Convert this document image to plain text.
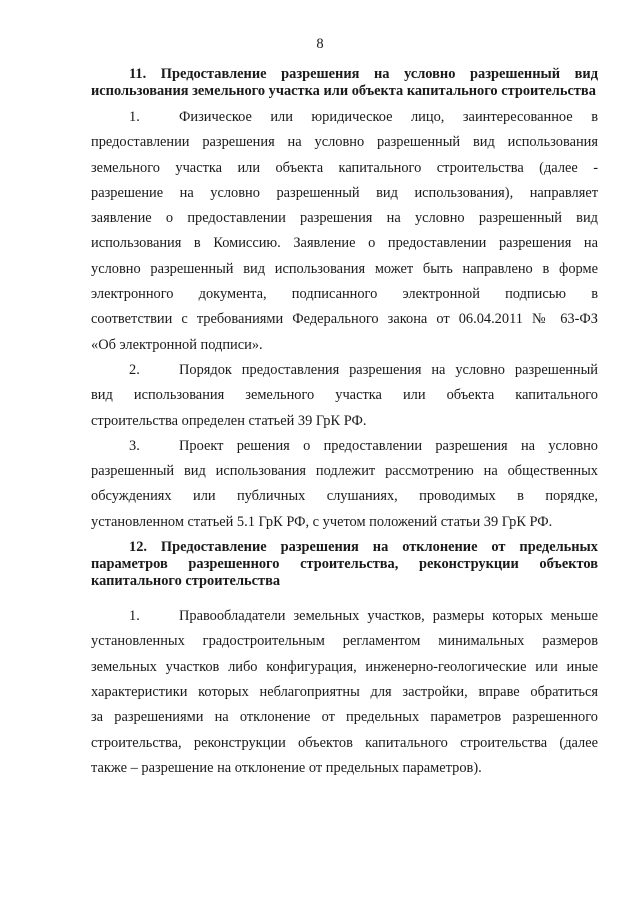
8

11. Предоставление разрешения на условно разрешенный вид использования земельного участка или объекта капитального строительства

1.	Физическое или юридическое лицо, заинтересованное в
предоставлении разрешения на условно разрешенный вид использования
земельного участка или объекта капитального строительства (далее -
разрешение на условно разрешенный вид использования), направляет
заявление о предоставлении разрешения на условно разрешенный вид
использования в Комиссию. Заявление о предоставлении разрешения на
условно разрешенный вид использования может быть направлено в форме
электронного документа, подписанного электронной подписью в
соответствии с требованиями Федерального закона от 06.04.2011 № 63-ФЗ
«Об электронной подписи».
2.	Порядок предоставления разрешения на условно разрешенный
вид использования земельного участка или объекта капитального
строительства определен статьей 39 ГрК РФ.
3.	Проект решения о предоставлении разрешения на условно
разрешенный вид использования подлежит рассмотрению на общественных
обсуждениях или публичных слушаниях, проводимых в порядке,
установленном статьей 5.1 ГрК РФ, с учетом положений статьи 39 ГрК РФ.

12. Предоставление разрешения на отклонение от предельных параметров разрешенного строительства, реконструкции объектов капитального строительства

1.	Правообладатели земельных участков, размеры которых меньше
установленных градостроительным регламентом минимальных размеров
земельных участков либо конфигурация, инженерно-геологические или иные
характеристики которых неблагоприятны для застройки, вправе обратиться
за разрешениями на отклонение от предельных параметров разрешенного
строительства, реконструкции объектов капитального строительства (далее
также – разрешение на отклонение от предельных параметров).
